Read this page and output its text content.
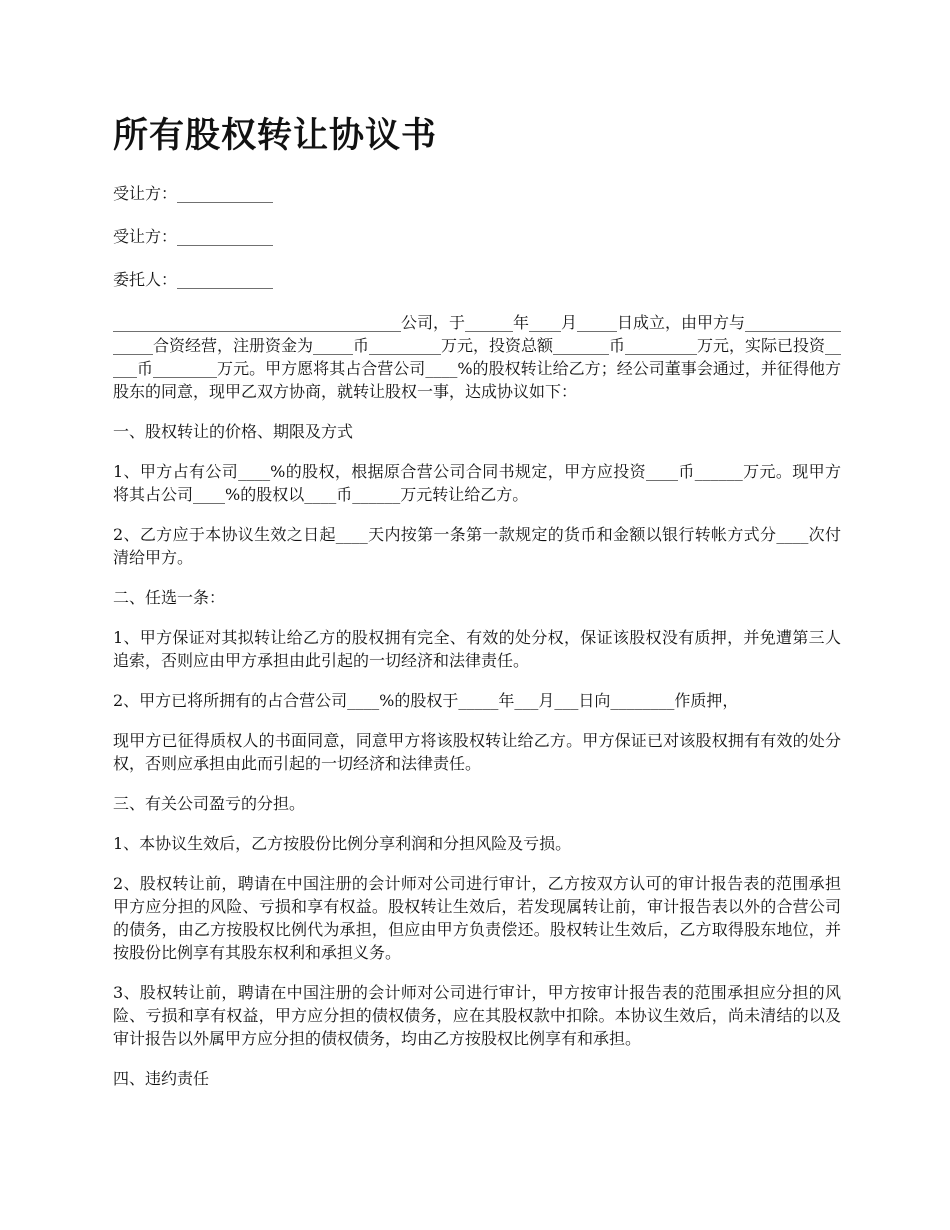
所有股权转让协议书

受让方：____________

受让方：____________

委托人：____________

____________________________________公司，于______年____月_____日成立，由甲方与_________________合资经营，注册资金为_____币_________万元，投资总额_______币_________万元，实际已投资_____币________万元。甲方愿将其占合营公司____%的股权转让给乙方；经公司董事会通过，并征得他方股东的同意，现甲乙双方协商，就转让股权一事，达成协议如下：

一、股权转让的价格、期限及方式

1、甲方占有公司____%的股权，根据原合营公司合同书规定，甲方应投资____币______万元。现甲方将其占公司____%的股权以____币______万元转让给乙方。

2、乙方应于本协议生效之日起____天内按第一条第一款规定的货币和金额以银行转帐方式分____次付清给甲方。

二、任选一条：

1、甲方保证对其拟转让给乙方的股权拥有完全、有效的处分权，保证该股权没有质押，并免遭第三人追索，否则应由甲方承担由此引起的一切经济和法律责任。

2、甲方已将所拥有的占合营公司____%的股权于_____年___月___日向________作质押，

现甲方已征得质权人的书面同意，同意甲方将该股权转让给乙方。甲方保证已对该股权拥有有效的处分权，否则应承担由此而引起的一切经济和法律责任。

三、有关公司盈亏的分担。

1、本协议生效后，乙方按股份比例分享利润和分担风险及亏损。

2、股权转让前，聘请在中国注册的会计师对公司进行审计，乙方按双方认可的审计报告表的范围承担甲方应分担的风险、亏损和享有权益。股权转让生效后，若发现属转让前，审计报告表以外的合营公司的债务，由乙方按股权比例代为承担，但应由甲方负责偿还。股权转让生效后，乙方取得股东地位，并按股份比例享有其股东权利和承担义务。

3、股权转让前，聘请在中国注册的会计师对公司进行审计，甲方按审计报告表的范围承担应分担的风险、亏损和享有权益，甲方应分担的债权债务，应在其股权款中扣除。本协议生效后，尚未清结的以及审计报告以外属甲方应分担的债权债务，均由乙方按股权比例享有和承担。

四、违约责任
